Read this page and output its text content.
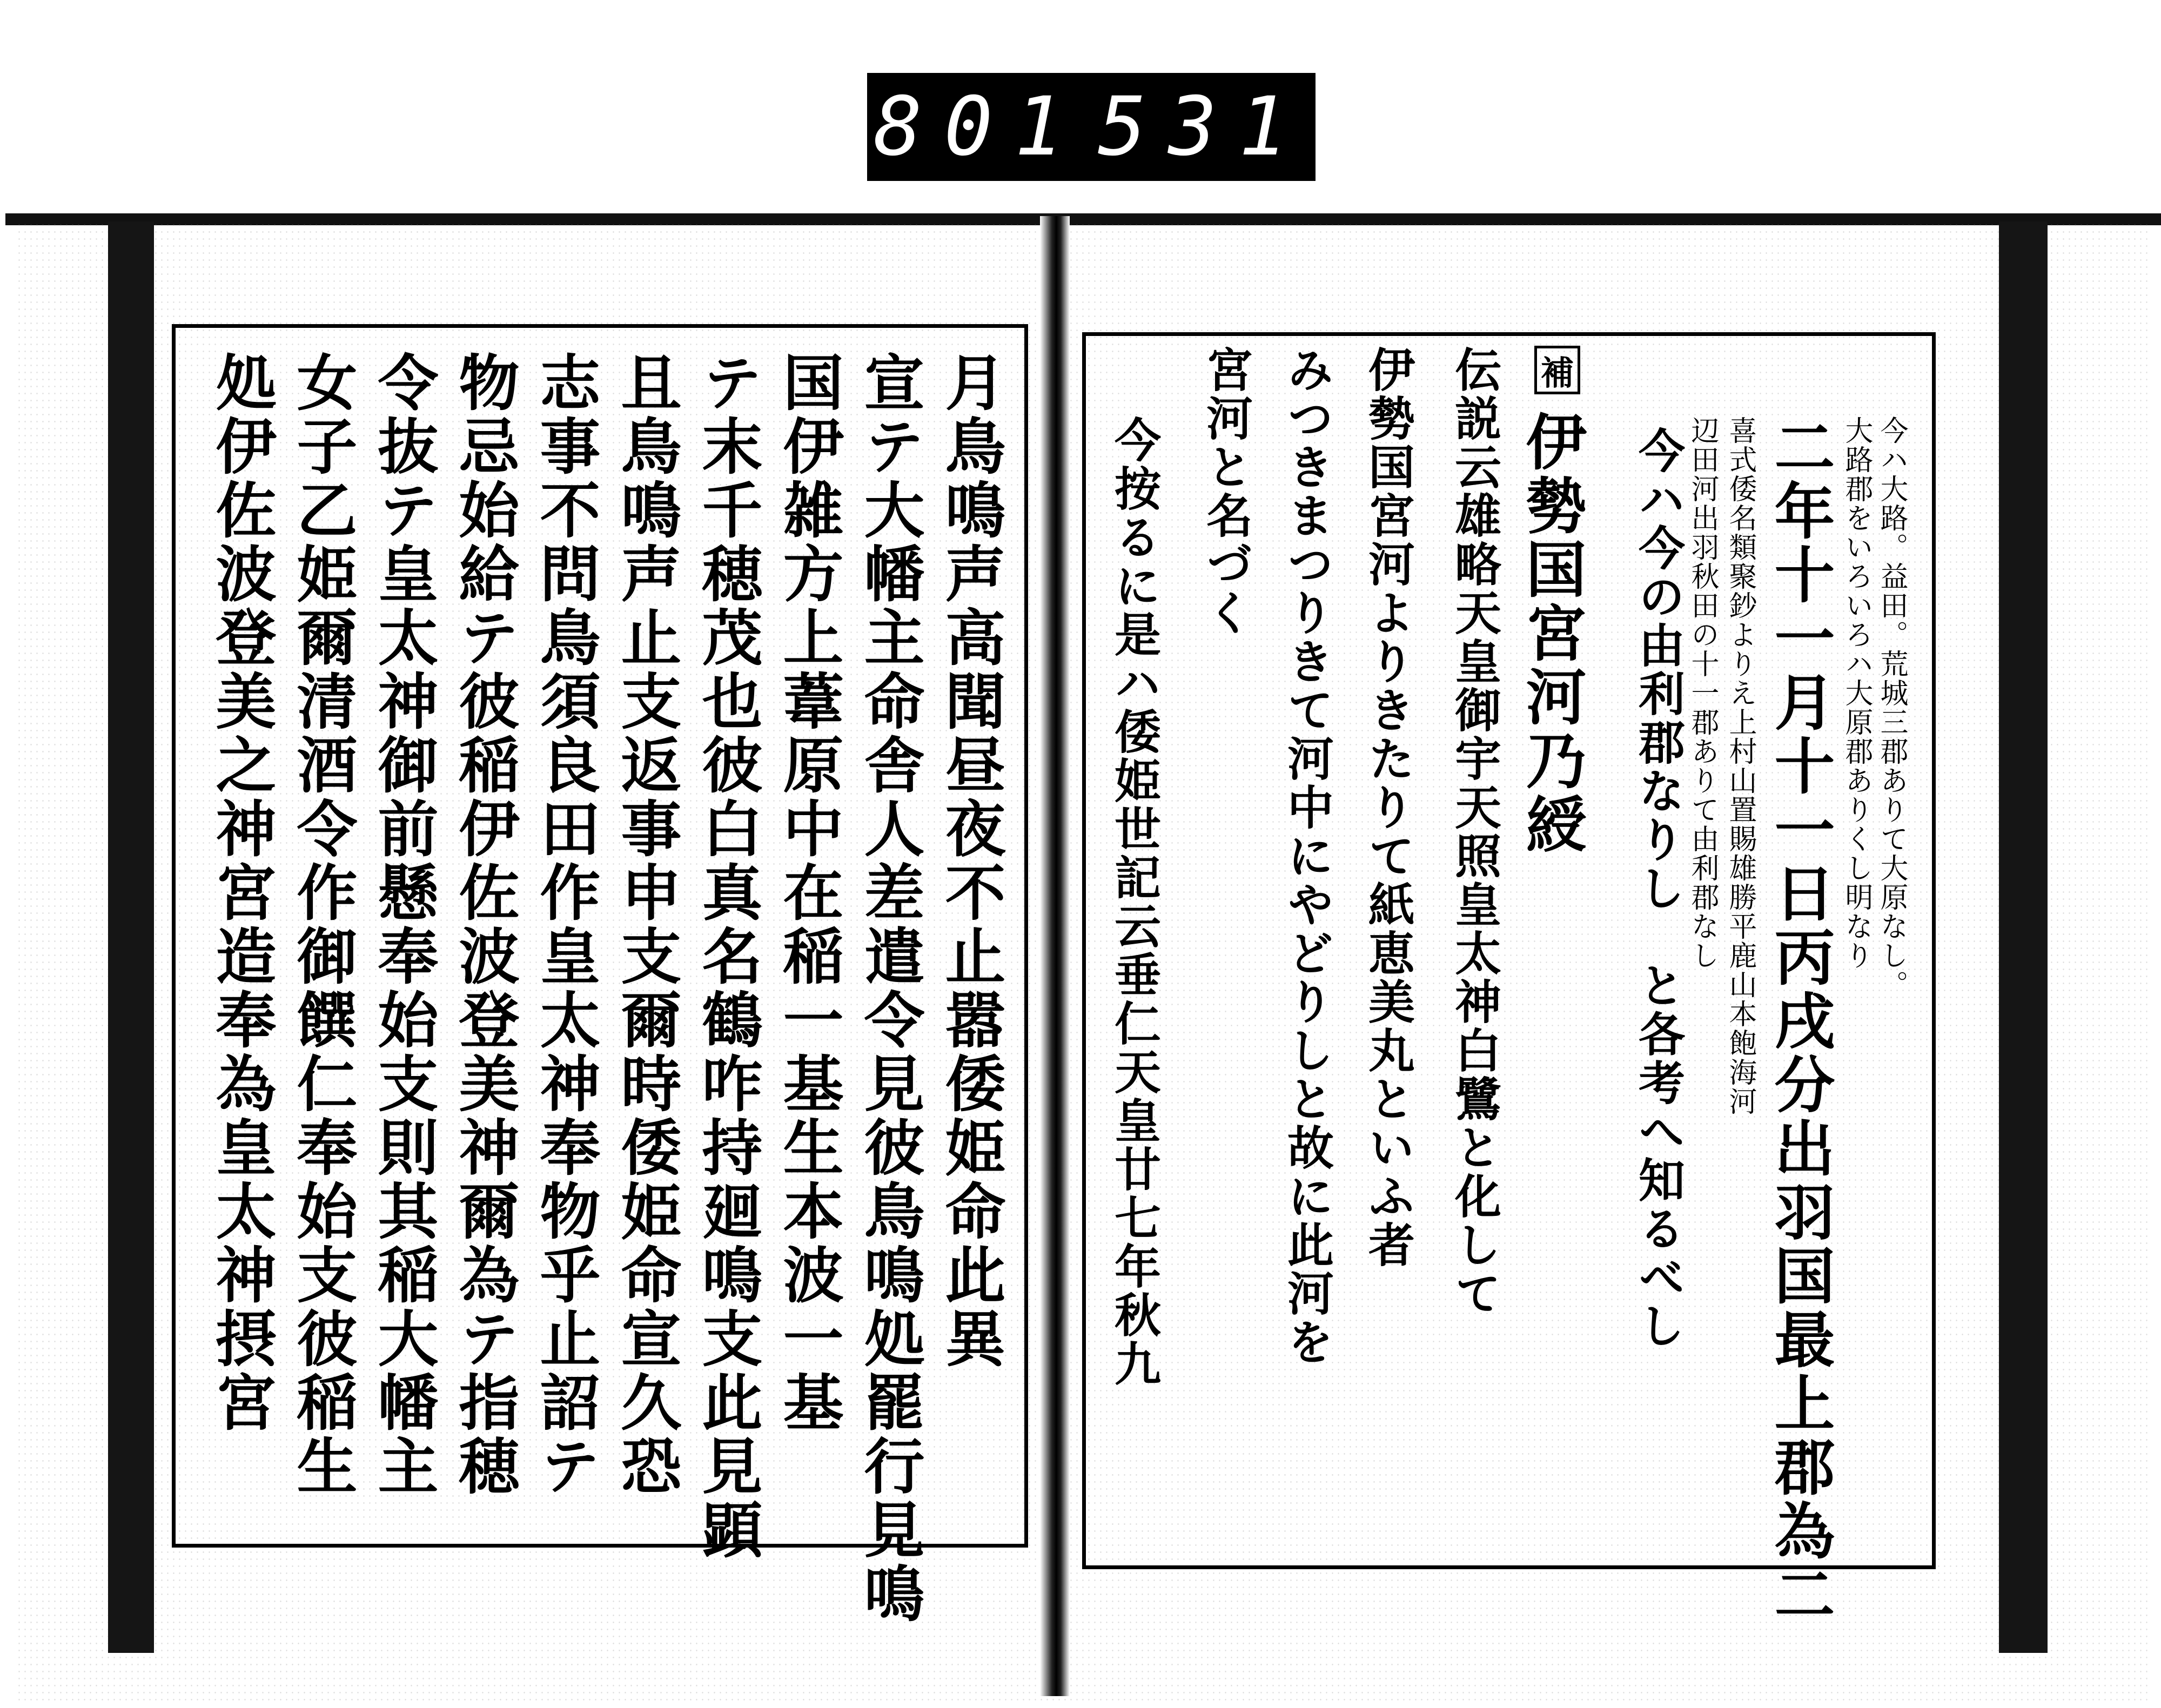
801 531
補
今ハ大路。益田。荒城三郡ありて大原なし。
大路郡をいろいろハ大原郡ありくし明なり
二年十一月十一日丙戌分出羽国最上郡為二
喜式倭名類聚鈔よりえ上村山置賜雄勝平鹿山本飽海河
辺田河出羽秋田の十一郡ありて由利郡なし
今ハ今の由利郡なりし　と各考へ知るべし
伊勢国宮河乃綬
伝説云雄略天皇御宇天照皇太神白鷺と化して
伊勢国宮河よりきたりて紙恵美丸といふ者
みつきまつりきて河中にやどりしと故に此河を
宮河と名づく
今按るに是ハ倭姫世記云垂仁天皇廿七年秋九
月鳥鳴声高聞昼夜不止嚣倭姫命此異
宣テ大幡主命舎人差遣令見彼鳥鳴処罷行見鳴
国伊雑方上葦原中在稲一基生本波一基
テ末千穂茂也彼白真名鶴咋持廻鳴支此見顕
且鳥鳴声止支返事申支爾時倭姫命宣久恐
志事不問鳥須良田作皇太神奉物乎止詔テ
物忌始給テ彼稲伊佐波登美神爾為テ指穂
令抜テ皇太神御前懸奉始支則其稲大幡主
女子乙姫爾清酒令作御饌仁奉始支彼稲生
処伊佐波登美之神宮造奉為皇太神摂宮
